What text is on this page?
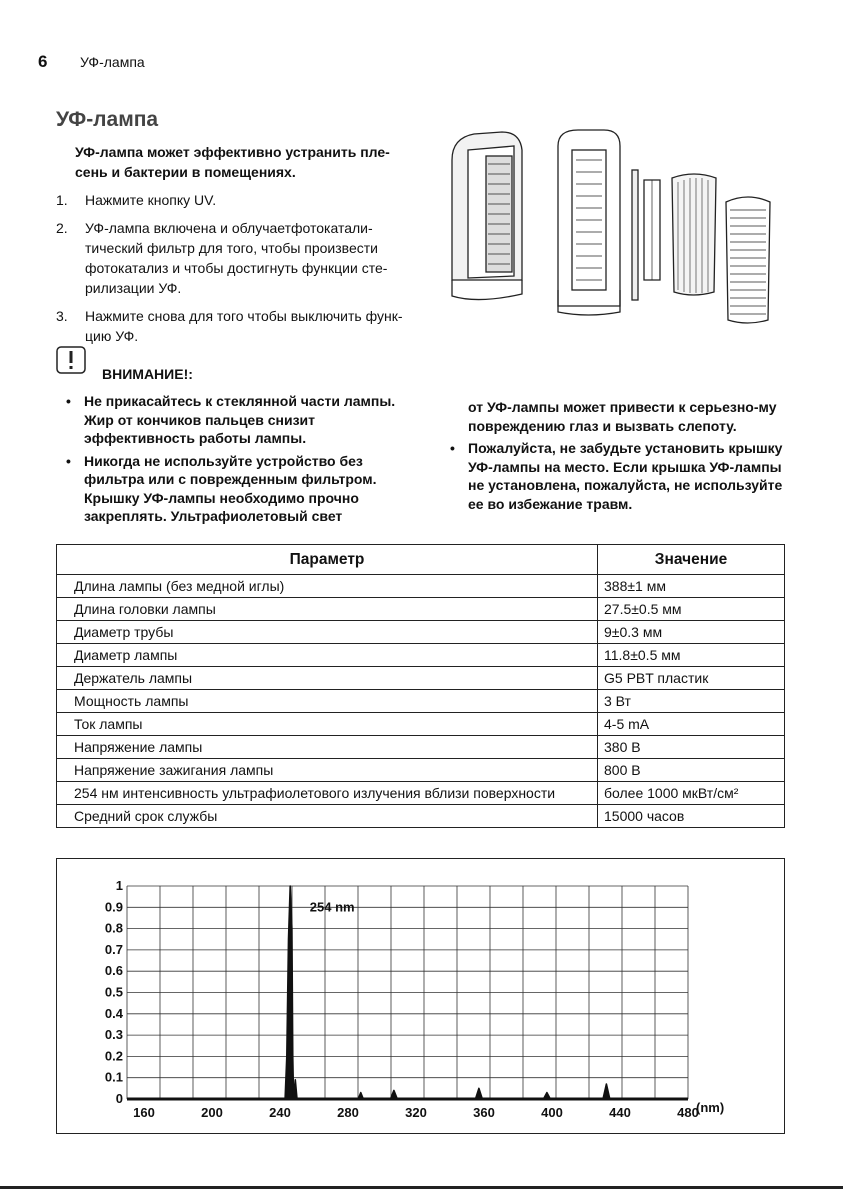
6 УФ-лампа
УФ-лампа
УФ-лампа может эффективно устранить пле-сень и бактерии в помещениях.
1. Нажмите кнопку UV.
2. УФ-лампа включена и облучаетфотокатали-тический фильтр для того, чтобы произвести фотокатализ и чтобы достигнуть функции сте-рилизации УФ.
3. Нажмите снова для того чтобы выключить функ-цию УФ.
ВНИМАНИЕ!:
• Не прикасайтесь к стеклянной части лампы. Жир от кончиков пальцев снизит эффективность работы лампы.
• Никогда не используйте устройство без фильтра или с поврежденным фильтром. Крышку УФ-лампы необходимо прочно закреплять. Ультрафиолетовый свет
от УФ-лампы может привести к серьезно-му повреждению глаз и вызвать слепоту.
• Пожалуйста, не забудьте установить крышку УФ-лампы на место. Если крышка УФ-лампы не установлена, пожалуйста, не используйте ее во избежание травм.
Параметр	Значение
Длина лампы (без медной иглы)	388±1 мм
Длина головки лампы	27.5±0.5 мм
Диаметр трубы	9±0.3 мм
Диаметр лампы	11.8±0.5 мм
Держатель лампы	G5 PBT пластик
Мощность лампы	3 Вт
Ток лампы	4-5 mA
Напряжение лампы	380 В
Напряжение зажигания лампы	800 В
254 нм интенсивность ультрафиолетового излучения вблизи поверхности	более 1000 мкВт/см²
Средний срок службы	15000 часов
0
0.1
0.2
0.3
0.4
0.5
0.6
0.7
0.8
0.9
1
160	200	240	280	320	360	400	440	480
(nm)
254 nm
